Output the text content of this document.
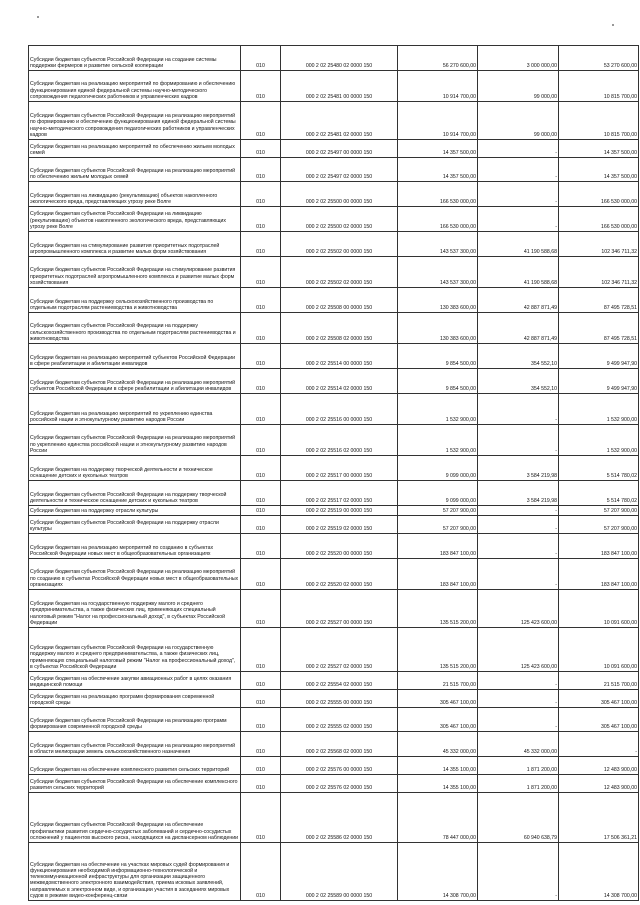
Субсидии бюджетам субъектов Российской Федерации на создание системы поддержки фермеров и развитие сельской кооперации	010	000 2 02 25480 02 0000 150	56 270 600,00	3 000 000,00	53 270 600,00
Субсидии бюджетам на реализацию мероприятий по формированию и обеспечению функционирования единой федеральной системы научно-методического сопровождения педагогических работников и управленческих кадров	010	000 2 02 25481 00 0000 150	10 914 700,00	99 000,00	10 815 700,00
Субсидии бюджетам субъектов Российской Федерации на реализацию мероприятий по формированию и обеспечению функционирования единой федеральной системы научно-методического сопровождения педагогических работников и управленческих кадров	010	000 2 02 25481 02 0000 150	10 914 700,00	99 000,00	10 815 700,00
Субсидии бюджетам на реализацию мероприятий по обеспечению жильем молодых семей	010	000 2 02 25497 00 0000 150	14 357 500,00	-	14 357 500,00
Субсидии бюджетам субъектов Российской Федерации на реализацию мероприятий по обеспечению жильем молодых семей	010	000 2 02 25497 02 0000 150	14 357 500,00	-	14 357 500,00
Субсидии бюджетам на ликвидацию (рекультивацию) объектов накопленного экологического вреда, представляющих угрозу реке Волге	010	000 2 02 25500 00 0000 150	166 530 000,00	-	166 530 000,00
Субсидии бюджетам субъектов Российской Федерации на ликвидацию (рекультивацию) объектов накопленного экологического вреда, представляющих угрозу реке Волге	010	000 2 02 25500 02 0000 150	166 530 000,00	-	166 530 000,00
Субсидии бюджетам на стимулирование развития приоритетных подотраслей агропромышленного комплекса и развитие малых форм хозяйствования	010	000 2 02 25502 00 0000 150	143 537 300,00	41 190 588,68	102 346 711,32
Субсидии бюджетам субъектов Российской Федерации на стимулирование развития приоритетных подотраслей агропромышленного комплекса и развитие малых форм хозяйствования	010	000 2 02 25502 02 0000 150	143 537 300,00	41 190 588,68	102 346 711,32
Субсидии бюджетам на поддержку сельскохозяйственного производства по отдельным подотраслям растениеводства и животноводства	010	000 2 02 25508 00 0000 150	130 383 600,00	42 887 871,49	87 495 728,51
Субсидии бюджетам субъектов Российской Федерации на поддержку сельскохозяйственного производства по отдельным подотраслям растениеводства и животноводства	010	000 2 02 25508 02 0000 150	130 383 600,00	42 887 871,49	87 495 728,51
Субсидии бюджетам на реализацию мероприятий субъектов Российской Федерации в сфере реабилитации и абилитации инвалидов	010	000 2 02 25514 00 0000 150	9 854 500,00	354 552,10	9 499 947,90
Субсидии бюджетам субъектов Российской Федерации на реализацию мероприятий субъектов Российской Федерации в сфере реабилитации и абилитации инвалидов	010	000 2 02 25514 02 0000 150	9 854 500,00	354 552,10	9 499 947,90
Субсидии бюджетам на реализацию мероприятий по укреплению единства российской нации и этнокультурному развитию народов России	010	000 2 02 25516 00 0000 150	1 532 900,00	-	1 532 900,00
Субсидии бюджетам субъектов Российской Федерации на реализацию мероприятий по укреплению единства российской нации и этнокультурному развитию народов России	010	000 2 02 25516 02 0000 150	1 532 900,00	-	1 532 900,00
Субсидии бюджетам на поддержку творческой деятельности и техническое оснащение детских и кукольных театров	010	000 2 02 25517 00 0000 150	9 099 000,00	3 584 219,98	5 514 780,02
Субсидии бюджетам субъектов Российской Федерации на поддержку творческой деятельности и техническое оснащение детских и кукольных театров	010	000 2 02 25517 02 0000 150	9 099 000,00	3 584 219,98	5 514 780,02
Субсидии бюджетам на поддержку отрасли культуры	010	000 2 02 25519 00 0000 150	57 207 900,00	-	57 207 900,00
Субсидии бюджетам субъектов Российской Федерации на поддержку отрасли культуры	010	000 2 02 25519 02 0000 150	57 207 900,00	-	57 207 900,00
Субсидии бюджетам на реализацию мероприятий по созданию в субъектах Российской Федерации новых мест в общеобразовательных организациях	010	000 2 02 25520 00 0000 150	183 847 100,00	-	183 847 100,00
Субсидии бюджетам субъектов Российской Федерации на реализацию мероприятий по созданию в субъектах Российской Федерации новых мест в общеобразовательных организациях	010	000 2 02 25520 02 0000 150	183 847 100,00	-	183 847 100,00
Субсидии бюджетам на государственную поддержку малого и среднего предпринимательства, а также физических лиц, применяющих специальный налоговый режим "Налог на профессиональный доход", в субъектах Российской Федерации	010	000 2 02 25527 00 0000 150	135 515 200,00	125 423 600,00	10 091 600,00
Субсидии бюджетам субъектов Российской Федерации на государственную поддержку малого и среднего предпринимательства, а также физических лиц, применяющих специальный налоговый режим "Налог на профессиональный доход", в субъектах Российской Федерации	010	000 2 02 25527 02 0000 150	135 515 200,00	125 423 600,00	10 091 600,00
Субсидии бюджетам на обеспечение закупки авиационных работ в целях оказания медицинской помощи	010	000 2 02 25554 02 0000 150	21 515 700,00	-	21 515 700,00
Субсидии бюджетам на реализацию программ формирования современной городской среды	010	000 2 02 25555 00 0000 150	305 467 100,00	-	305 467 100,00
Субсидии бюджетам субъектов Российской Федерации на реализацию программ формирования современной городской среды	010	000 2 02 25555 02 0000 150	305 467 100,00	-	305 467 100,00
Субсидии бюджетам субъектов Российской Федерации на реализацию мероприятий в области мелиорации земель сельскохозяйственного назначения	010	000 2 02 25568 02 0000 150	45 332 000,00	45 332 000,00	-
Субсидии бюджетам на обеспечение комплексного развития сельских территорий	010	000 2 02 25576 00 0000 150	14 355 100,00	1 871 200,00	12 483 900,00
Субсидии бюджетам субъектов Российской Федерации на обеспечение комплексного развития сельских территорий	010	000 2 02 25576 02 0000 150	14 355 100,00	1 871 200,00	12 483 900,00
Субсидии бюджетам субъектов Российской Федерации на обеспечение профилактики развития сердечно-сосудистых заболеваний и сердечно-сосудистых осложнений у пациентов высокого риска, находящихся на диспансерном наблюдении	010	000 2 02 25586 02 0000 150	78 447 000,00	60 940 638,79	17 506 361,21
Субсидии бюджетам на обеспечение на участках мировых судей формирования и функционирования необходимой информационно-технологической и телекоммуникационной инфраструктуры для организации защищенного межведомственного электронного взаимодействия, приема исковых заявлений, направляемых в электронном виде, и организации участия в заседаниях мировых судов в режиме видео-конференц-связи	010	000 2 02 25589 00 0000 150	14 308 700,00	-	14 308 700,00
